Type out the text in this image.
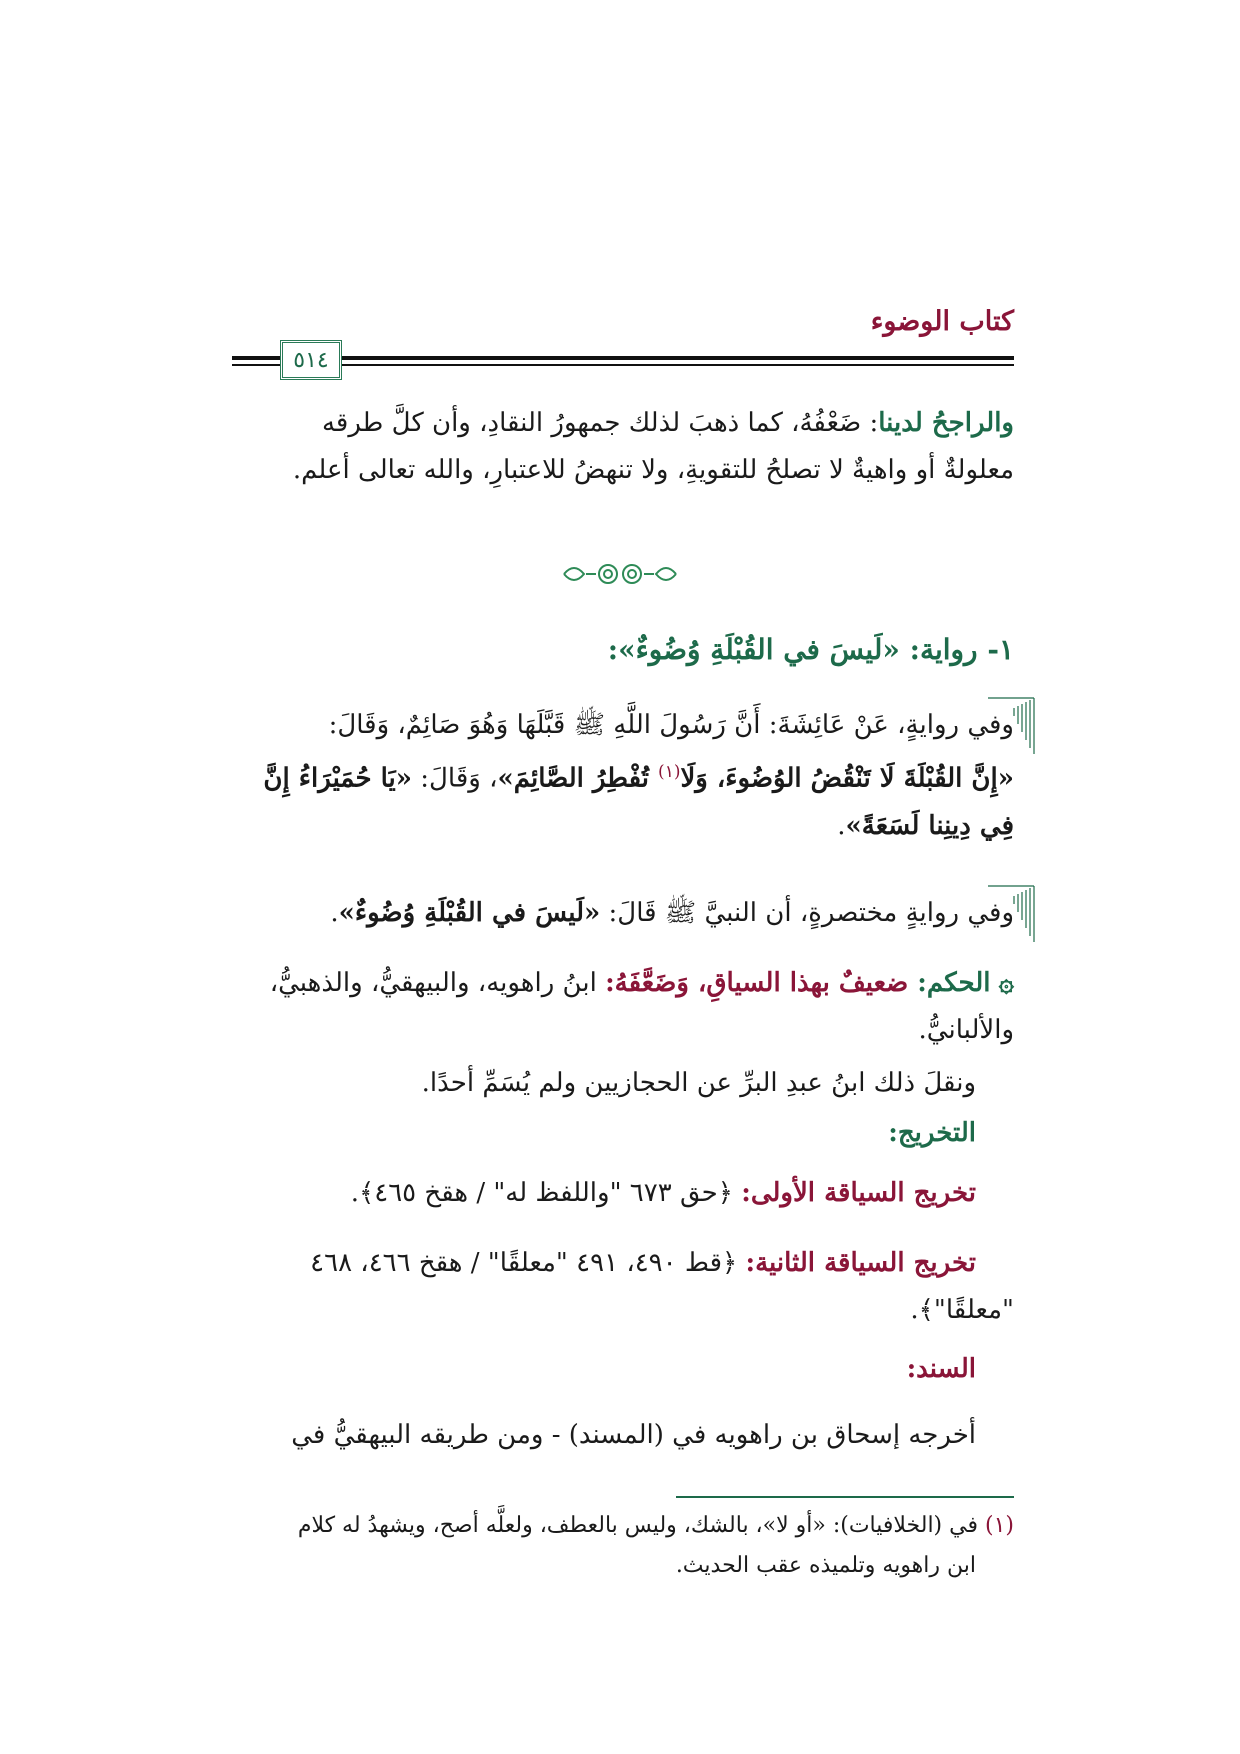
كتاب الوضوء
٥١٤
والراجحُ لدينا: ضَعْفُهُ، كما ذهبَ لذلك جمهورُ النقادِ، وأن كلَّ طرقه
معلولةٌ أو واهيةٌ لا تصلحُ للتقويةِ، ولا تنهضُ للاعتبارِ، والله تعالى أعلم.
١- رواية: «لَيسَ في القُبْلَةِ وُضُوءٌ»:
وفي روايةٍ، عَنْ عَائِشَةَ: أَنَّ رَسُولَ اللَّهِ ﷺ قَبَّلَهَا وَهُوَ صَائِمٌ، وَقَالَ:
«إِنَّ القُبْلَةَ لَا تَنْقُضُ الوُضُوءَ، وَلَا$^{(١)}$ تُفْطِرُ الصَّائِمَ»، وَقَالَ: «يَا حُمَيْرَاءُ إِنَّ
فِي دِينِنا لَسَعَةً».
وفي روايةٍ مختصرةٍ، أن النبيَّ ﷺ قَالَ: «لَيسَ في القُبْلَةِ وُضُوءٌ».
۞ الحكم: ضعيفٌ بهذا السياقِ، وَضَعَّفَهُ: ابنُ راهويه، والبيهقيُّ، والذهبيُّ،
والألبانيُّ.
ونقلَ ذلك ابنُ عبدِ البرِّ عن الحجازيين ولم يُسَمِّ أحدًا.
التخريج:
تخريج السياقة الأولى: ﴿حق ٦٧٣ "واللفظ له" / هقخ ٤٦٥﴾.
تخريج السياقة الثانية: ﴿قط ٤٩٠، ٤٩١ "معلقًا" / هقخ ٤٦٦، ٤٦٨
"معلقًا"﴾.
السند:
أخرجه إسحاق بن راهويه في (المسند) - ومن طريقه البيهقيُّ في
(١) في (الخلافيات): «أو لا»، بالشك، وليس بالعطف، ولعلَّه أصح، ويشهدُ له كلام
ابن راهويه وتلميذه عقب الحديث.
